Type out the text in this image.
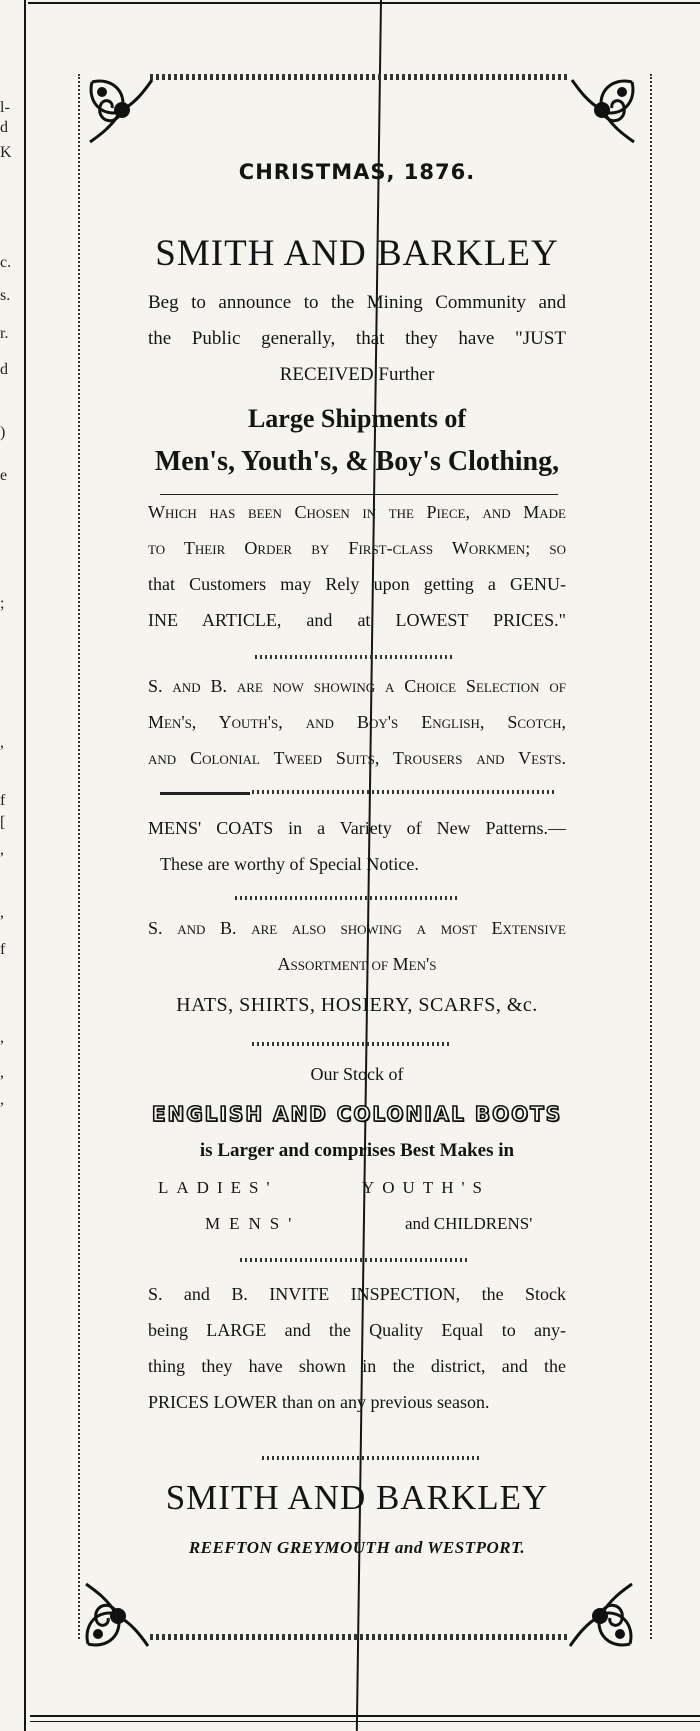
l-
d
K
c.
s.
r.
d
)
e
;
,
f
[
,
,
f
,
,
,
CHRISTMAS, 1876.
SMITH AND BARKLEY
Beg to announce to the Mining Community and
the Public generally, that they have "JUST
RECEIVED Further
Large Shipments of
Men's, Youth's, & Boy's Clothing,
Which has been Chosen in the Piece, and Made
to Their Order by First-class Workmen; so
that Customers may Rely upon getting a GENU-
INE ARTICLE, and at LOWEST PRICES."
S. and B. are now showing a Choice Selection of
Men's, Youth's, and Boy's English, Scotch,
and Colonial Tweed Suits, Trousers and Vests.
MENS' COATS in a Variety of New Patterns.—
These are worthy of Special Notice.
S. and B. are also showing a most Extensive
Assortment of Men's
HATS, SHIRTS, HOSIERY, SCARFS, &c.
Our Stock of
ENGLISH AND COLONIAL BOOTS
is Larger and comprises Best Makes in
LADIES'	YOUTH'S
MENS'	and CHILDRENS'
S. and B. INVITE INSPECTION, the Stock
being LARGE and the Quality Equal to any-
thing they have shown in the district, and the
PRICES LOWER than on any previous season.
SMITH AND BARKLEY
REEFTON GREYMOUTH and WESTPORT.
